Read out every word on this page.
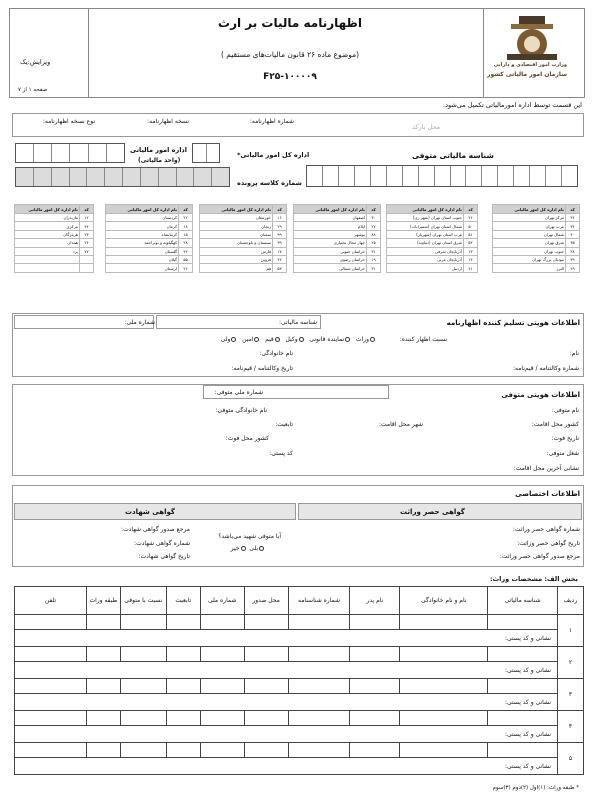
اظهارنامه مالیات بر ارث
(موضوع ماده ۲۶ قانون مالیات‌های مستقیم )
F۲۵-۱۰۰۰۰۹
ویرایش:یک
صفحه ۱ از ۷
وزارت امور اقتصادی و دارایی
سازمان امور مالیاتی کشور
این قسمت توسط اداره امورمالیاتی تکمیل می‌شود.
شماره اظهارنامه:
نسخه اظهارنامه:
نوع نسخه اظهارنامه:
محل بارکد
شناسه مالیاتی متوفی
اداره کل امور مالیاتی*
اداره امور مالیاتی
(واحد مالیاتی)
شماره کلاسه پرونده
کد	نام اداره کل امور مالیاتی
۳۶	مرکز تهران
۳۴	غرب تهران
۴۰	شمال تهران
۳۵	شرق تهران
۳۸	جنوب تهران
۳۹	مودیان بزرگ تهران
۴۹	البرز
کد	نام اداره کل امور مالیاتی
۴۶	جنوب استان تهران (شهر ری)
۵۰	شمال استان تهران (شمیرانات)
۵۱	غرب استان تهران (شهریار)
۵۲	شرق استان تهران (دماوند)
۱۳	آذربایجان شرقی
۱۴	آذربایجان غربی
۴۱	اردبیل
کد	نام اداره کل امور مالیاتی
۳۰	اصفهان
۲۷	ایلام
۸۸	بوشهر
۲۵	چهار محال بختیاری
۳۱	خراسان جنوبی
۱۹	خراسان رضوی
۳۱	خراسان شمالی
کد	نام اداره کل امور مالیاتی
۱۶	خوزستان
۲۹	زنجان
۹۹	سمنان
۳۹	سیستان و بلوچستان
۱۷	فارس
۴۲	قزوین
۵۳	قم
کد	نام اداره کل امور مالیاتی
۲۲	کردستان
۱۸	کرمان
۱۵	کرمانشاه
۲۸	کهگیلویه و بویراحمد
۴۴	گلستان
۵۵	گیلان
۲۶	لرستان
کد	نام اداره کل امور مالیاتی
۱۲	مازندران
۴۴	مرکزی
۲۳	هرمزگان
۲۴	همدان
۷۷	یزد

اطلاعات هویتی تسلیم کننده اظهارنامه
شناسه مالیاتی:
شماره ملی:
نسبت اظهار کننده:
وراث   نماینده قانونی   وکیل   قیم   امین   ولی
نام:
نام خانوادگی:
شماره وکالتنامه / قیم‌نامه:
تاریخ وکالتنامه / قیم‌نامه:
اطلاعات هویتی متوفی
شماره ملی متوفی:
نام متوفی:
نام خانوادگی متوفی:
کشور محل اقامت:
شهر محل اقامت:
تابعیت:
تاریخ فوت:
کشور محل فوت:
شغل متوفی:
کد پستی:
نشانی آخرین محل اقامت:
اطلاعات اختصاصی
گواهی حصر وراثت
گواهی شهادت
شماره گواهی حصر وراثت:
تاریخ گواهی حصر وراثت:
مرجع صدور گواهی حصر وراثت:
مرجع صدور گواهی شهادت:
شماره گواهی شهادت:
تاریخ گواهی شهادت:
آیا متوفی شهید می‌باشد؟
بلی  خیر
بخش الف: مشخصات وراث:
ردیف	شناسه مالیاتی	نام و نام خانوادگی	نام پدر	شماره شناسنامه	محل صدور	شماره ملی	تابعیت	نسبت با متوفی	طبقه وراث	تلفن
۱										
	نشانی و کد پستی:									
۲										
	نشانی و کد پستی:									
۳										
	نشانی و کد پستی:									
۴										
	نشانی و کد پستی:									
۵										
	نشانی و کد پستی:									
* طبقه وراث: (۱)اول (۲)دوم (۳)سوم
